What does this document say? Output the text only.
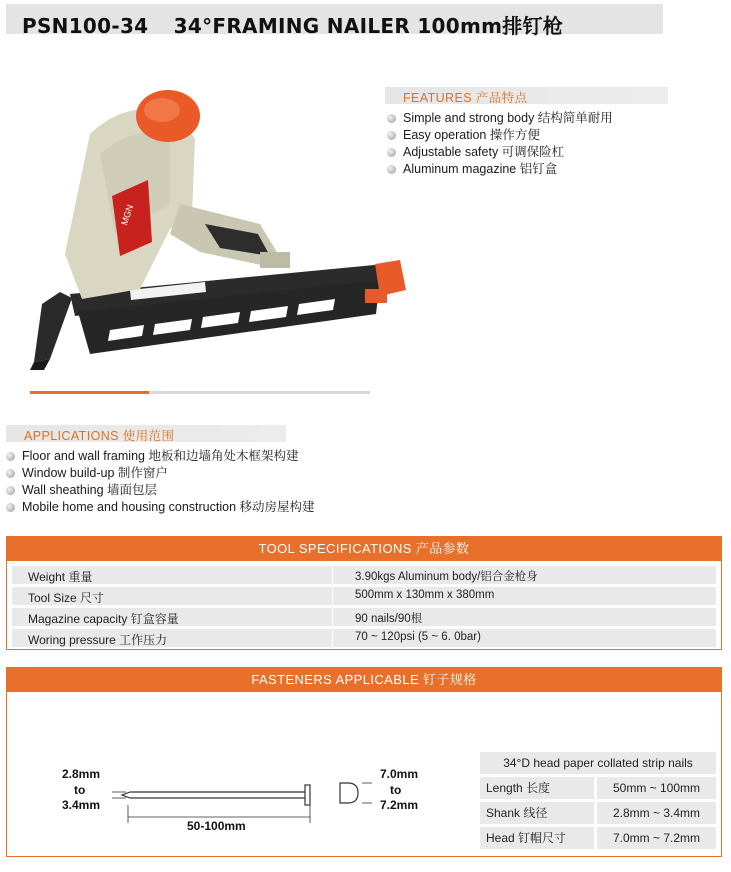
PSN100-34 34°FRAMING NAILER 100mm排钉枪
MGN
FEATURES 产品特点
Simple and strong body 结构简单耐用
Easy operation 操作方便
Adjustable safety 可调保险杠
Aluminum magazine 铝钉盒
APPLICATIONS 使用范围
Floor and wall framing 地板和边墙角处木框架构建
Window build-up 制作窗户
Wall sheathing 墙面包层
Mobile home and housing construction 移动房屋构建
TOOL SPECIFICATIONS 产品参数
Weight 重量	3.90kgs Aluminum body/铝合金枪身
Tool Size 尺寸	500mm x 130mm x 380mm
Magazine capacity 钉盒容量	90 nails/90根
Woring pressure 工作压力	70 ~ 120psi (5 ~ 6. 0bar)
FASTENERS APPLICABLE 钉子规格
2.8mm
to
3.4mm
7.0mm
to
7.2mm
50-100mm
34°D head paper collated strip nails
Length 长度	50mm ~ 100mm
Shank 线径	2.8mm ~ 3.4mm
Head 钉帽尺寸	7.0mm ~ 7.2mm
